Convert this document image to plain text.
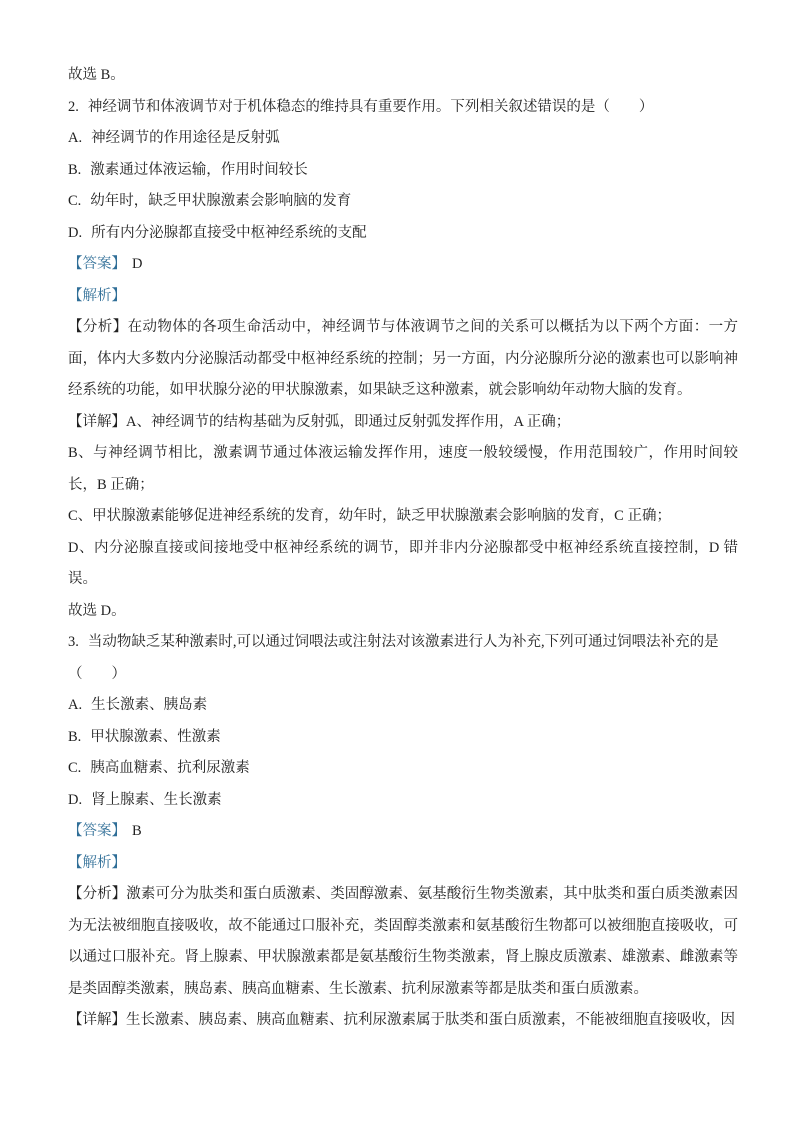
故选 B。

2. 神经调节和体液调节对于机体稳态的维持具有重要作用。下列相关叙述错误的是（　　）

A. 神经调节的作用途径是反射弧

B. 激素通过体液运输，作用时间较长

C. 幼年时，缺乏甲状腺激素会影响脑的发育

D. 所有内分泌腺都直接受中枢神经系统的支配

【答案】 D

【解析】

【分析】在动物体的各项生命活动中，神经调节与体液调节之间的关系可以概括为以下两个方面：一方面，体内大多数内分泌腺活动都受中枢神经系统的控制；另一方面，内分泌腺所分泌的激素也可以影响神经系统的功能，如甲状腺分泌的甲状腺激素，如果缺乏这种激素，就会影响幼年动物大脑的发育。

【详解】A、神经调节的结构基础为反射弧，即通过反射弧发挥作用，A 正确；

B、与神经调节相比，激素调节通过体液运输发挥作用，速度一般较缓慢，作用范围较广，作用时间较长，B 正确；

C、甲状腺激素能够促进神经系统的发育，幼年时，缺乏甲状腺激素会影响脑的发育，C 正确；

D、内分泌腺直接或间接地受中枢神经系统的调节，即并非内分泌腺都受中枢神经系统直接控制，D 错误。

故选 D。

3. 当动物缺乏某种激素时,可以通过饲喂法或注射法对该激素进行人为补充,下列可通过饲喂法补充的是

（　　）

A. 生长激素、胰岛素

B. 甲状腺激素、性激素

C. 胰高血糖素、抗利尿激素

D. 肾上腺素、生长激素

【答案】 B

【解析】

【分析】激素可分为肽类和蛋白质激素、类固醇激素、氨基酸衍生物类激素，其中肽类和蛋白质类激素因为无法被细胞直接吸收，故不能通过口服补充，类固醇类激素和氨基酸衍生物都可以被细胞直接吸收，可以通过口服补充。肾上腺素、甲状腺激素都是氨基酸衍生物类激素，肾上腺皮质激素、雄激素、雌激素等是类固醇类激素，胰岛素、胰高血糖素、生长激素、抗利尿激素等都是肽类和蛋白质激素。

【详解】生长激素、胰岛素、胰高血糖素、抗利尿激素属于肽类和蛋白质激素，不能被细胞直接吸收，因
